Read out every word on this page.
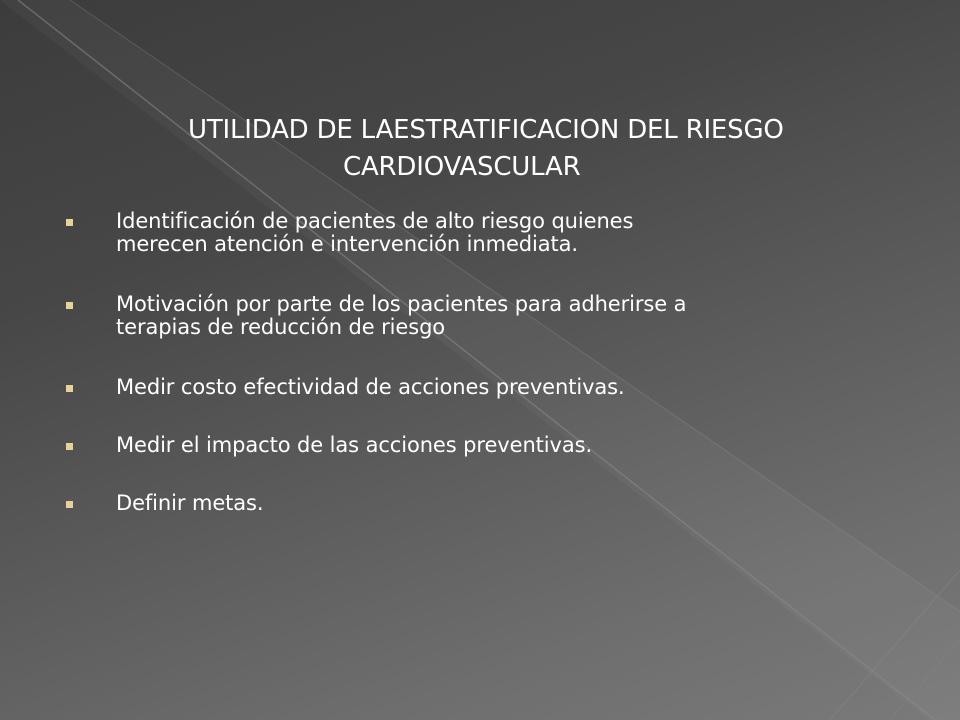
UTILIDAD DE LAESTRATIFICACION DEL RIESGO
CARDIOVASCULAR
Identificación de pacientes de alto riesgo quienes
merecen atención e intervención inmediata.
Motivación por parte de los pacientes para adherirse a
terapias de reducción de riesgo
Medir costo efectividad de acciones preventivas.
Medir el impacto de las acciones preventivas.
Definir metas.
